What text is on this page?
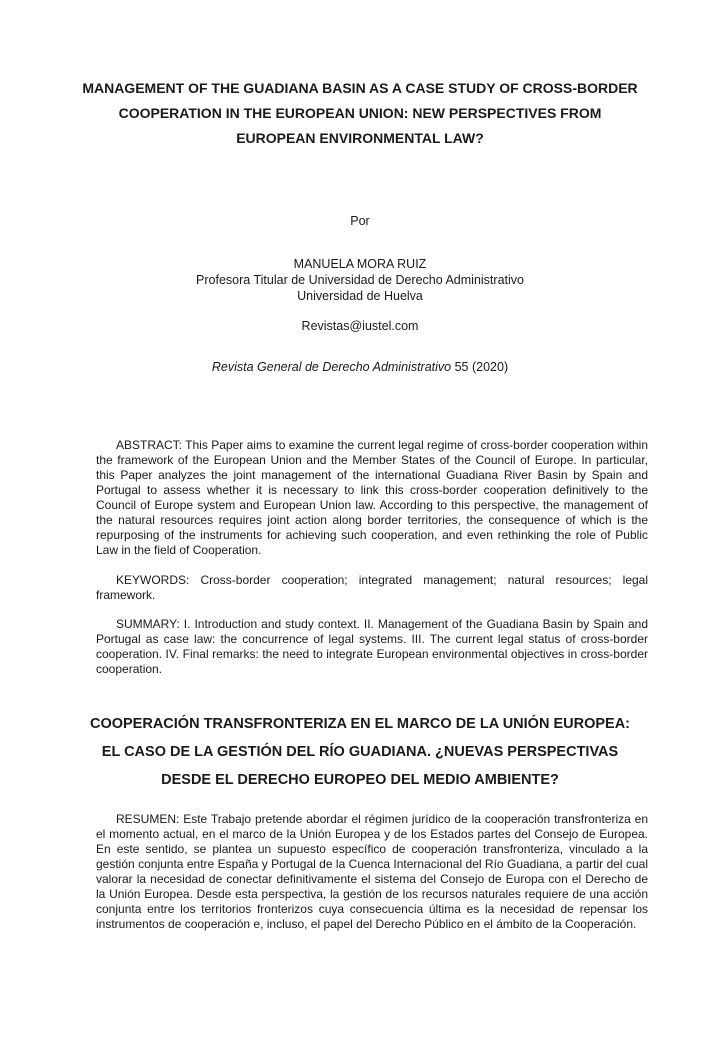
MANAGEMENT OF THE GUADIANA BASIN AS A CASE STUDY OF CROSS-BORDER COOPERATION IN THE EUROPEAN UNION: NEW PERSPECTIVES FROM EUROPEAN ENVIRONMENTAL LAW?
Por
MANUELA MORA RUIZ
Profesora Titular de Universidad de Derecho Administrativo
Universidad de Huelva
Revistas@iustel.com
Revista General de Derecho Administrativo 55 (2020)

ABSTRACT: This Paper aims to examine the current legal regime of cross-border cooperation within the framework of the European Union and the Member States of the Council of Europe. In particular, this Paper analyzes the joint management of the international Guadiana River Basin by Spain and Portugal to assess whether it is necessary to link this cross-border cooperation definitively to the Council of Europe system and European Union law. According to this perspective, the management of the natural resources requires joint action along border territories, the consequence of which is the repurposing of the instruments for achieving such cooperation, and even rethinking the role of Public Law in the field of Cooperation.

KEYWORDS: Cross-border cooperation; integrated management; natural resources; legal framework.

SUMMARY: I. Introduction and study context. II. Management of the Guadiana Basin by Spain and Portugal as case law: the concurrence of legal systems. III. The current legal status of cross-border cooperation. IV. Final remarks: the need to integrate European environmental objectives in cross-border cooperation.

COOPERACIÓN TRANSFRONTERIZA EN EL MARCO DE LA UNIÓN EUROPEA: EL CASO DE LA GESTIÓN DEL RÍO GUADIANA. ¿NUEVAS PERSPECTIVAS DESDE EL DERECHO EUROPEO DEL MEDIO AMBIENTE?

RESUMEN: Este Trabajo pretende abordar el régimen jurídico de la cooperación transfronteriza en el momento actual, en el marco de la Unión Europea y de los Estados partes del Consejo de Europea. En este sentido, se plantea un supuesto específico de cooperación transfronteriza, vinculado a la gestión conjunta entre España y Portugal de la Cuenca Internacional del Río Guadiana, a partir del cual valorar la necesidad de conectar definitivamente el sistema del Consejo de Europa con el Derecho de la Unión Europea. Desde esta perspectiva, la gestión de los recursos naturales requiere de una acción conjunta entre los territorios fronterizos cuya consecuencia última es la necesidad de repensar los instrumentos de cooperación e, incluso, el papel del Derecho Público en el ámbito de la Cooperación.
